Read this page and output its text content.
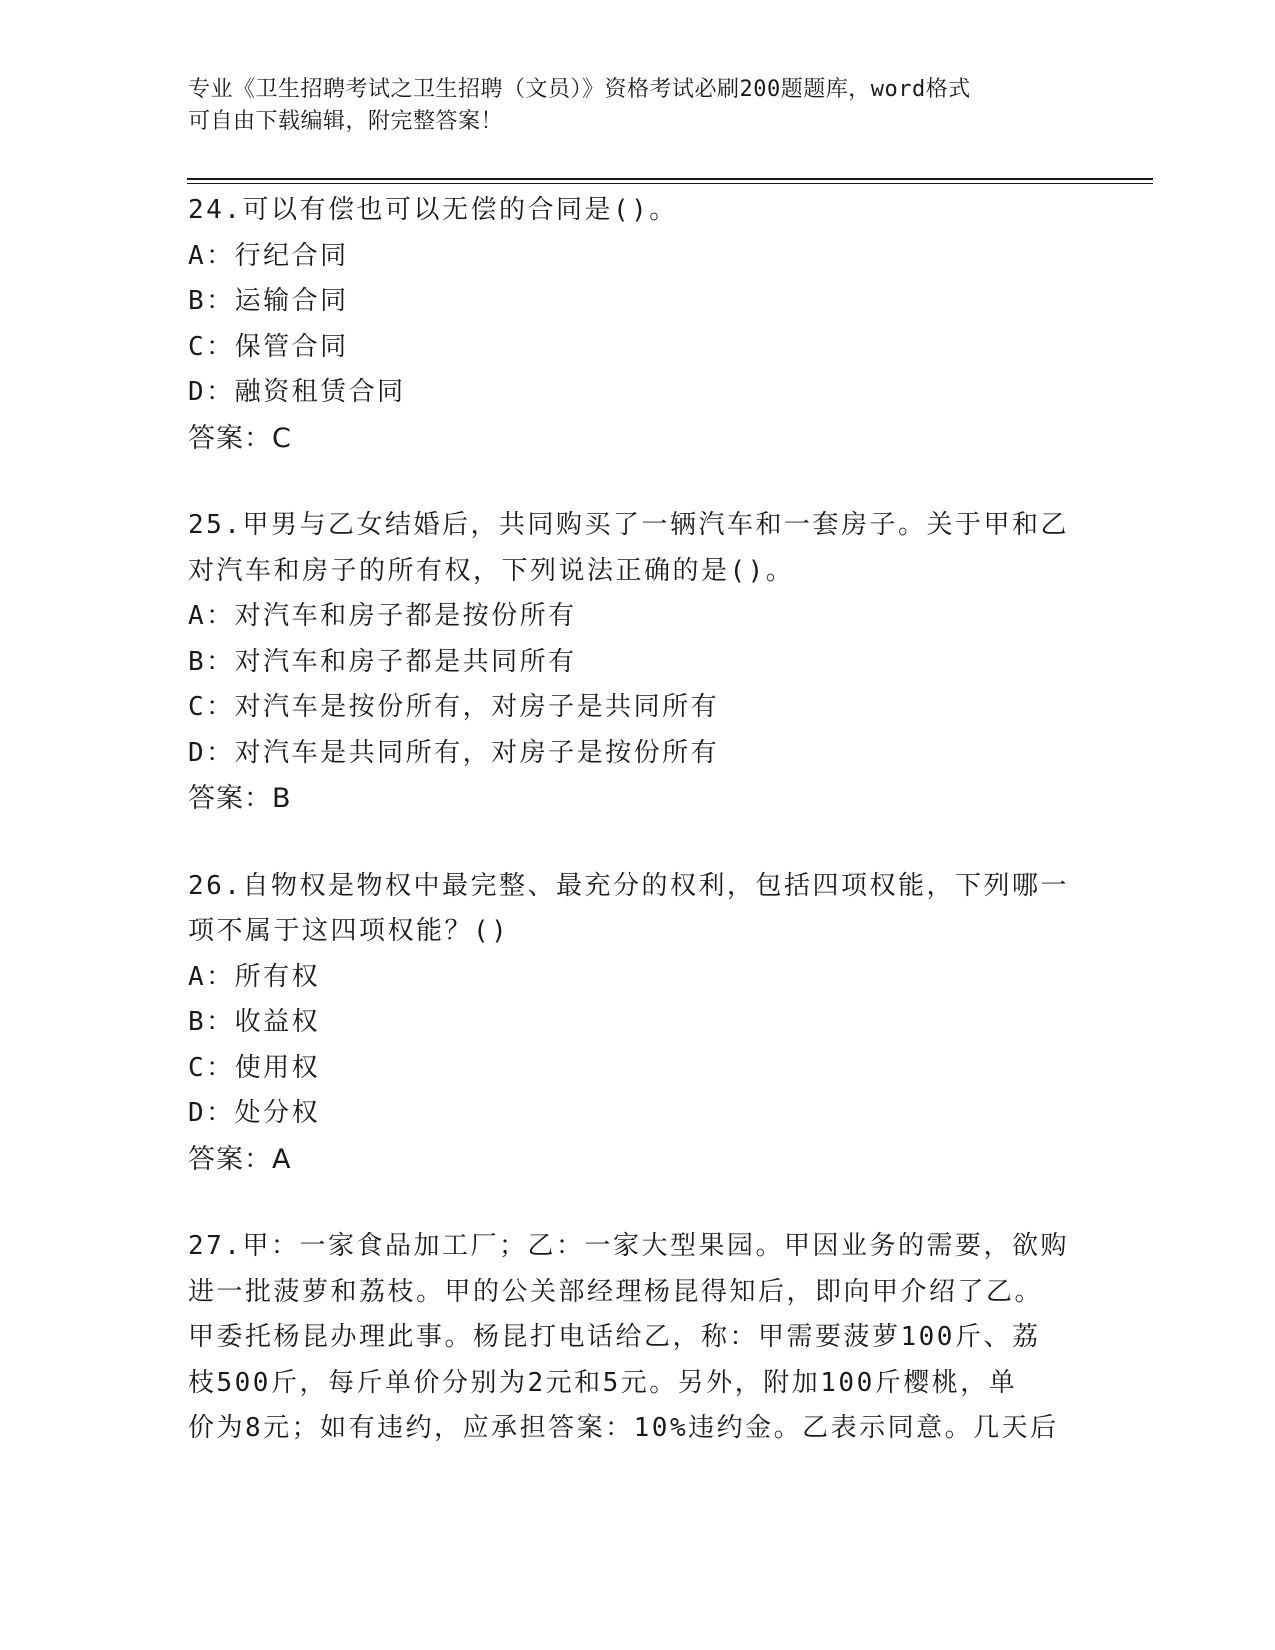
专业《卫生招聘考试之卫生招聘（文员）》资格考试必刷200题题库，word格式
可自由下载编辑，附完整答案！
24.可以有偿也可以无偿的合同是()。
A：行纪合同
B：运输合同
C：保管合同
D：融资租赁合同
答案：C
25.甲男与乙女结婚后，共同购买了一辆汽车和一套房子。关于甲和乙
对汽车和房子的所有权，下列说法正确的是()。
A：对汽车和房子都是按份所有
B：对汽车和房子都是共同所有
C：对汽车是按份所有，对房子是共同所有
D：对汽车是共同所有，对房子是按份所有
答案：B
26.自物权是物权中最完整、最充分的权利，包括四项权能，下列哪一
项不属于这四项权能？()
A：所有权
B：收益权
C：使用权
D：处分权
答案：A
27.甲：一家食品加工厂；乙：一家大型果园。甲因业务的需要，欲购
进一批菠萝和荔枝。甲的公关部经理杨昆得知后，即向甲介绍了乙。
甲委托杨昆办理此事。杨昆打电话给乙，称：甲需要菠萝100斤、荔
枝500斤，每斤单价分别为2元和5元。另外，附加100斤樱桃，单
价为8元；如有违约，应承担答案：10%违约金。乙表示同意。几天后
